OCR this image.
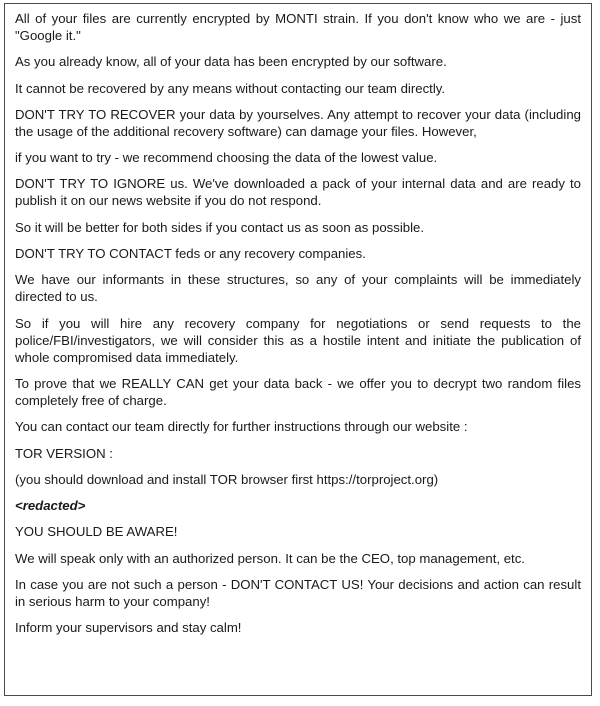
All of your files are currently encrypted by MONTI strain. If you don't know who we are - just "Google it."

As you already know, all of your data has been encrypted by our software.

It cannot be recovered by any means without contacting our team directly.

DON'T TRY TO RECOVER your data by yourselves. Any attempt to recover your data (including the usage of the additional recovery software) can damage your files. However,

if you want to try - we recommend choosing the data of the lowest value.

DON'T TRY TO IGNORE us. We've downloaded a pack of your internal data and are ready to publish it on our news website if you do not respond.

So it will be better for both sides if you contact us as soon as possible.

DON'T TRY TO CONTACT feds or any recovery companies.

We have our informants in these structures, so any of your complaints will be immediately directed to us.

So if you will hire any recovery company for negotiations or send requests to the police/FBI/investigators, we will consider this as a hostile intent and initiate the publication of whole compromised data immediately.

To prove that we REALLY CAN get your data back - we offer you to decrypt two random files completely free of charge.

You can contact our team directly for further instructions through our website :

TOR VERSION :

(you should download and install TOR browser first https://torproject.org)

<redacted>

YOU SHOULD BE AWARE!

We will speak only with an authorized person. It can be the CEO, top management, etc.

In case you are not such a person - DON'T CONTACT US! Your decisions and action can result in serious harm to your company!

Inform your supervisors and stay calm!
